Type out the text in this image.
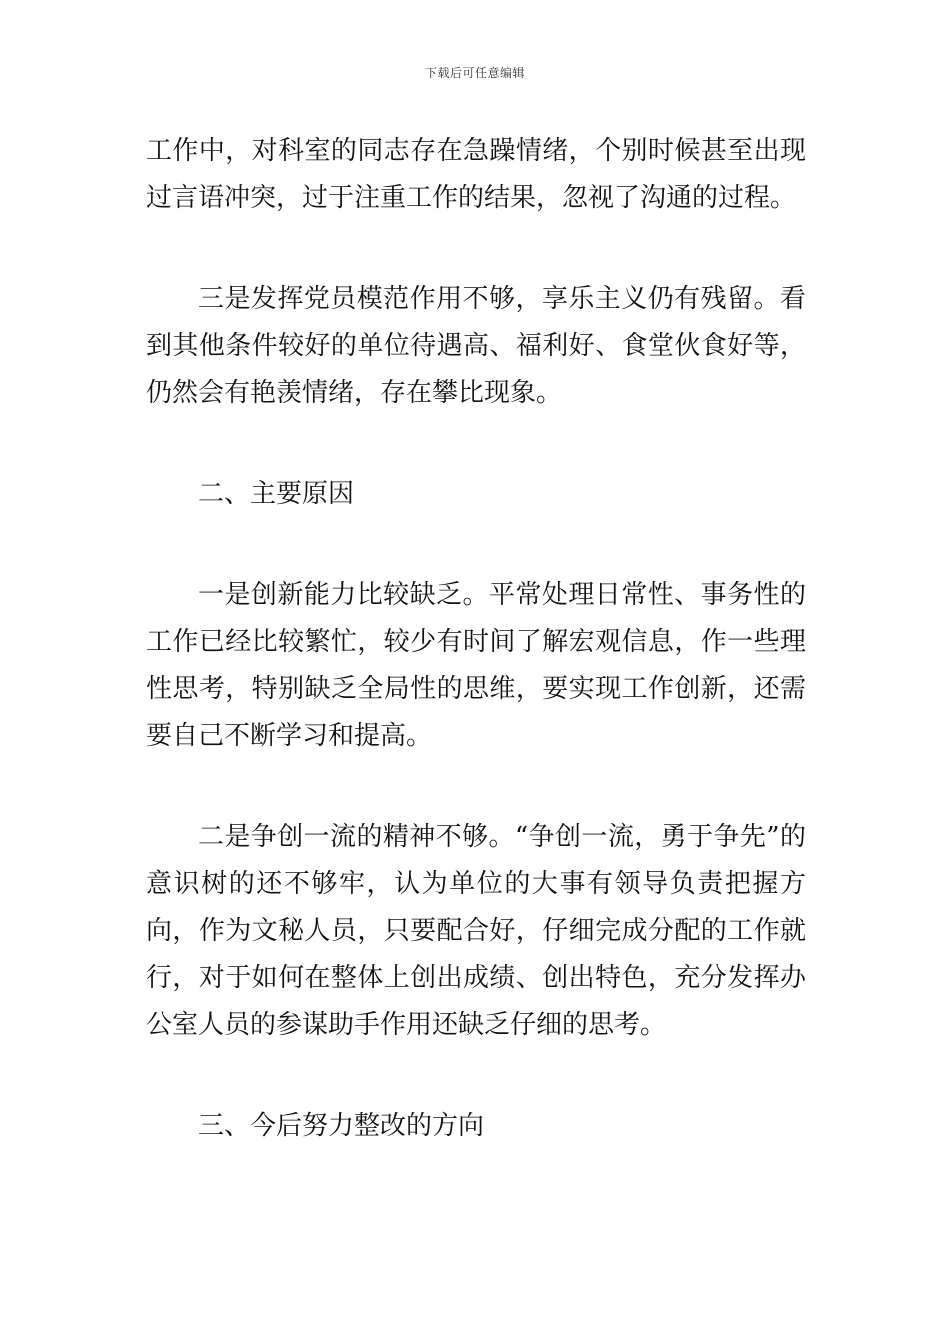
下载后可任意编辑

工作中，对科室的同志存在急躁情绪，个别时候甚至出现过言语冲突，过于注重工作的结果，忽视了沟通的过程。

三是发挥党员模范作用不够，享乐主义仍有残留。看到其他条件较好的单位待遇高、福利好、食堂伙食好等，仍然会有艳羡情绪，存在攀比现象。

二、主要原因

一是创新能力比较缺乏。平常处理日常性、事务性的工作已经比较繁忙，较少有时间了解宏观信息，作一些理性思考，特别缺乏全局性的思维，要实现工作创新，还需要自己不断学习和提高。

二是争创一流的精神不够。“争创一流，勇于争先”的意识树的还不够牢，认为单位的大事有领导负责把握方向，作为文秘人员，只要配合好，仔细完成分配的工作就行，对于如何在整体上创出成绩、创出特色，充分发挥办公室人员的参谋助手作用还缺乏仔细的思考。

三、今后努力整改的方向
